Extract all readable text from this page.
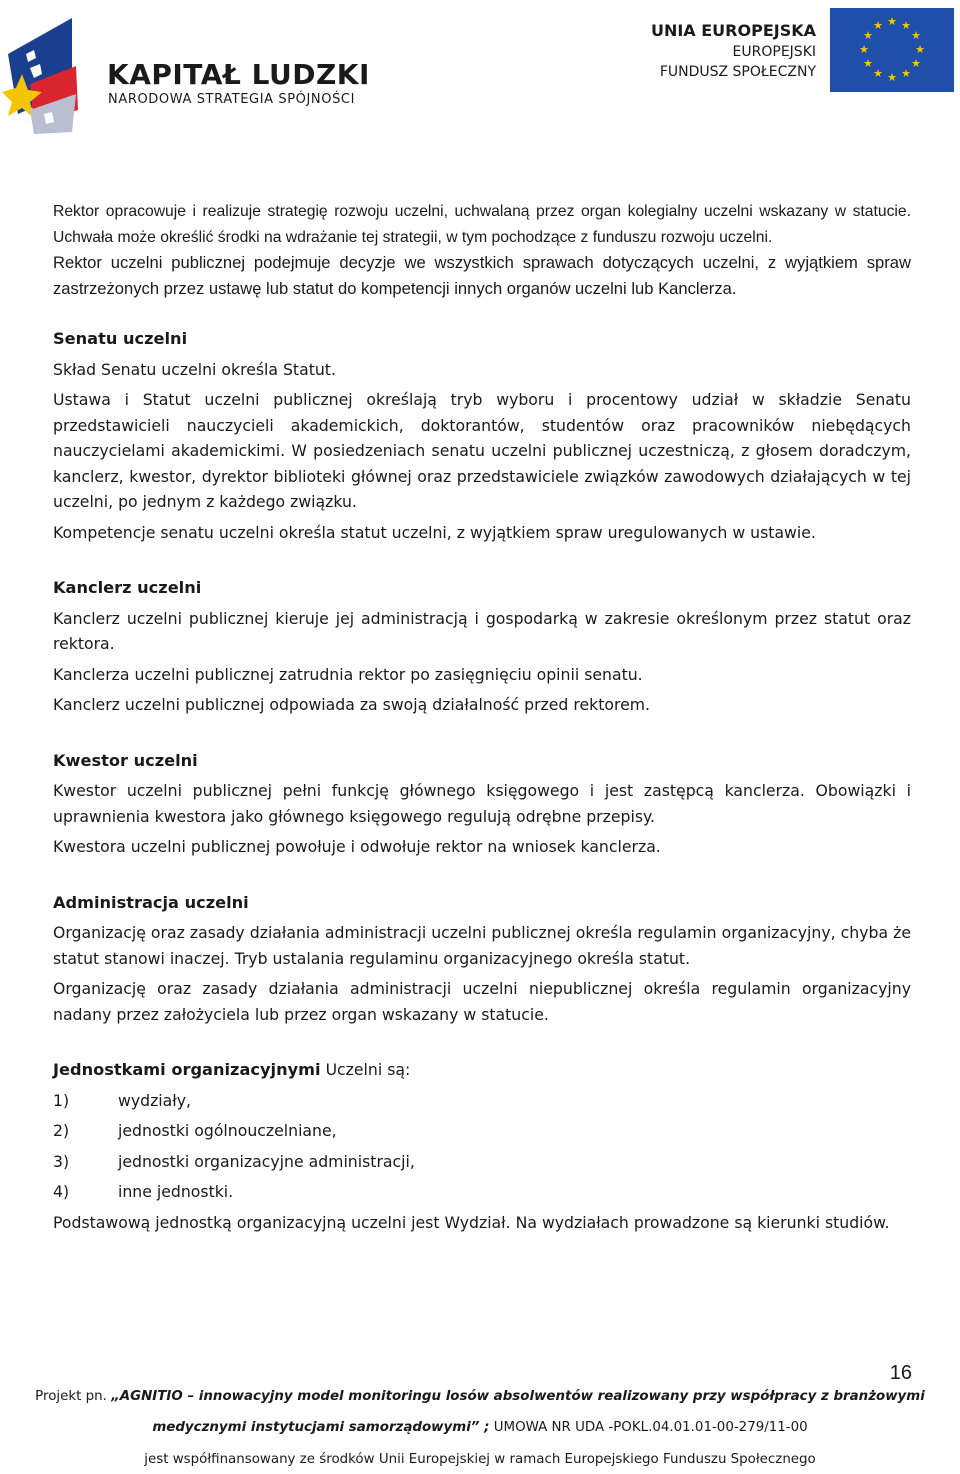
KAPITAŁ LUDZKI
NARODOWA STRATEGIA SPÓJNOŚCI
UNIA EUROPEJSKA
EUROPEJSKI
FUNDUSZ SPOŁECZNY
★ ★
★
★
★
★
★
★
★
★
★
★

Rektor opracowuje i realizuje strategię rozwoju uczelni, uchwalaną przez organ kolegialny uczelni wskazany w statucie. Uchwała może określić środki na wdrażanie tej strategii, w tym pochodzące z funduszu rozwoju uczelni.

Rektor uczelni publicznej podejmuje decyzje we wszystkich sprawach dotyczących uczelni, z wyjątkiem spraw zastrzeżonych przez ustawę lub statut do kompetencji innych organów uczelni lub Kanclerza.

Senatu uczelni

Skład Senatu uczelni określa Statut.

Ustawa i Statut uczelni publicznej określają tryb wyboru i procentowy udział w składzie Senatu przedstawicieli nauczycieli akademickich, doktorantów, studentów oraz pracowników niebędących nauczycielami akademickimi. W posiedzeniach senatu uczelni publicznej uczestniczą, z głosem doradczym, kanclerz, kwestor, dyrektor biblioteki głównej oraz przedstawiciele związków zawodowych działających w tej uczelni, po jednym z każdego związku.

Kompetencje senatu uczelni określa statut uczelni, z wyjątkiem spraw uregulowanych w ustawie.

Kanclerz uczelni

Kanclerz uczelni publicznej kieruje jej administracją i gospodarką w zakresie określonym przez statut oraz rektora.

Kanclerza uczelni publicznej zatrudnia rektor po zasięgnięciu opinii senatu.

Kanclerz uczelni publicznej odpowiada za swoją działalność przed rektorem.

Kwestor uczelni

Kwestor uczelni publicznej pełni funkcję głównego księgowego i jest zastępcą kanclerza. Obowiązki i uprawnienia kwestora jako głównego księgowego regulują odrębne przepisy.

Kwestora uczelni publicznej powołuje i odwołuje rektor na wniosek kanclerza.

Administracja uczelni

Organizację oraz zasady działania administracji uczelni publicznej określa regulamin organizacyjny, chyba że statut stanowi inaczej. Tryb ustalania regulaminu organizacyjnego określa statut.

Organizację oraz zasady działania administracji uczelni niepublicznej określa regulamin organizacyjny nadany przez założyciela lub przez organ wskazany w statucie.

Jednostkami organizacyjnymi Uczelni są:

1)	wydziały,
2)	jednostki ogólnouczelniane,
3)	jednostki organizacyjne administracji,
4)	inne jednostki.

Podstawową jednostką organizacyjną uczelni jest Wydział. Na wydziałach prowadzone są kierunki studiów.

16
Projekt pn. „AGNITIO – innowacyjny model monitoringu losów absolwentów realizowany przy współpracy z branżowymi
medycznymi instytucjami samorządowymi” ; UMOWA NR UDA -POKL.04.01.01-00-279/11-00
jest współfinansowany ze środków Unii Europejskiej w ramach Europejskiego Funduszu Społecznego
